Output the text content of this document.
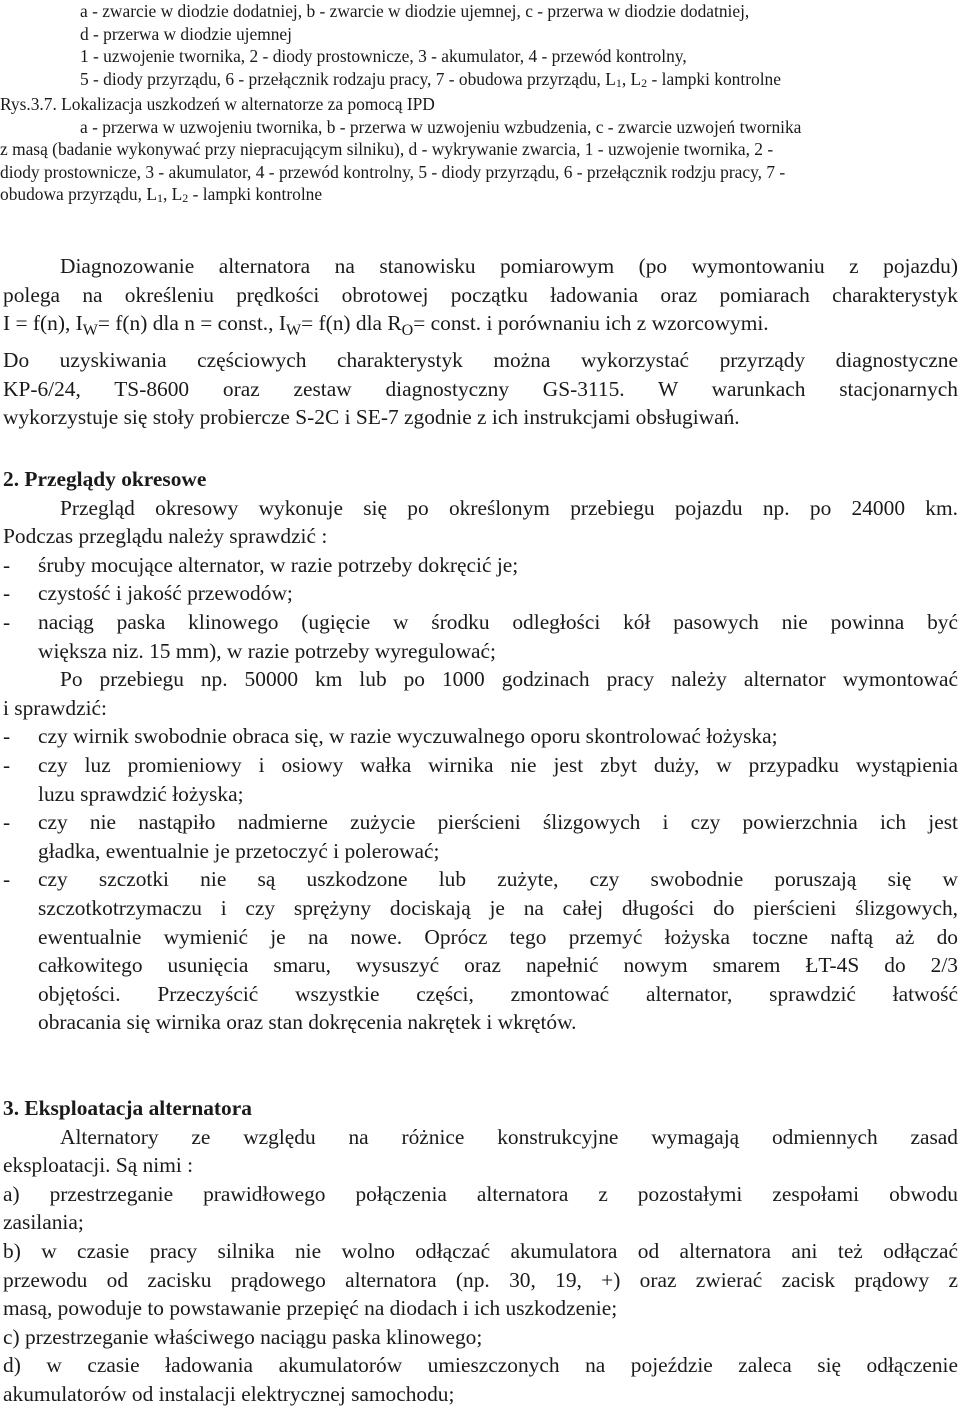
a - zwarcie w diodzie dodatniej, b - zwarcie w diodzie ujemnej, c - przerwa w diodzie dodatniej,
d - przerwa w diodzie ujemnej
1 - uzwojenie twornika, 2 - diody prostownicze, 3 - akumulator, 4 - przewód kontrolny,
5 - diody przyrządu, 6 - przełącznik rodzaju pracy, 7 - obudowa przyrządu, L1, L2 - lampki kontrolne
Rys.3.7. Lokalizacja uszkodzeń w alternatorze za pomocą IPD
a - przerwa w uzwojeniu twornika, b - przerwa w uzwojeniu wzbudzenia, c - zwarcie uzwojeń twornika
z masą (badanie wykonywać przy niepracującym silniku), d - wykrywanie zwarcia, 1 - uzwojenie twornika, 2 -
diody prostownicze, 3 - akumulator, 4 - przewód kontrolny, 5 - diody przyrządu, 6 - przełącznik rodzju pracy, 7 -
obudowa przyrządu, L1, L2 - lampki kontrolne
Diagnozowanie alternatora na stanowisku pomiarowym (po wymontowaniu z pojazdu)
polega na określeniu prędkości obrotowej początku ładowania oraz pomiarach charakterystyk
I = f(n), $I_W= f(n)$ dla n = const., $I_W= f(n)$ dla $R_O=$ const. i porównaniu ich z wzorcowymi.
Do uzyskiwania częściowych charakterystyk można wykorzystać przyrządy diagnostyczne
KP-6/24, TS-8600 oraz zestaw diagnostyczny GS-3115. W warunkach stacjonarnych
wykorzystuje się stoły probiercze S-2C i SE-7 zgodnie z ich instrukcjami obsługiwań.
2. Przeglądy okresowe
Przegląd okresowy wykonuje się po określonym przebiegu pojazdu np. po 24000 km.
Podczas przeglądu należy sprawdzić :
- śruby mocujące alternator, w razie potrzeby dokręcić je;
- czystość i jakość przewodów;
- naciąg paska klinowego (ugięcie w środku odległości kół pasowych nie powinna być
większa niz. 15 mm), w razie potrzeby wyregulować;
Po przebiegu np. 50000 km lub po 1000 godzinach pracy należy alternator wymontować
i sprawdzić:
- czy wirnik swobodnie obraca się, w razie wyczuwalnego oporu skontrolować łożyska;
- czy luz promieniowy i osiowy wałka wirnika nie jest zbyt duży, w przypadku wystąpienia
luzu sprawdzić łożyska;
- czy nie nastąpiło nadmierne zużycie pierścieni ślizgowych i czy powierzchnia ich jest
gładka, ewentualnie je przetoczyć i polerować;
- czy szczotki nie są uszkodzone lub zużyte, czy swobodnie poruszają się w
szczotkotrzymaczu i czy sprężyny dociskają je na całej długości do pierścieni ślizgowych,
ewentualnie wymienić je na nowe. Oprócz tego przemyć łożyska toczne naftą aż do
całkowitego usunięcia smaru, wysuszyć oraz napełnić nowym smarem ŁT-4S do 2/3
objętości. Przeczyścić wszystkie części, zmontować alternator, sprawdzić łatwość
obracania się wirnika oraz stan dokręcenia nakrętek i wkrętów.
3. Eksploatacja alternatora
Alternatory ze względu na różnice konstrukcyjne wymagają odmiennych zasad
eksploatacji. Są nimi :
a) przestrzeganie prawidłowego połączenia alternatora z pozostałymi zespołami obwodu
zasilania;
b) w czasie pracy silnika nie wolno odłączać akumulatora od alternatora ani też odłączać
przewodu od zacisku prądowego alternatora (np. 30, 19, +) oraz zwierać zacisk prądowy z
masą, powoduje to powstawanie przepięć na diodach i ich uszkodzenie;
c) przestrzeganie właściwego naciągu paska klinowego;
d) w czasie ładowania akumulatorów umieszczonych na pojeździe zaleca się odłączenie
akumulatorów od instalacji elektrycznej samochodu;
